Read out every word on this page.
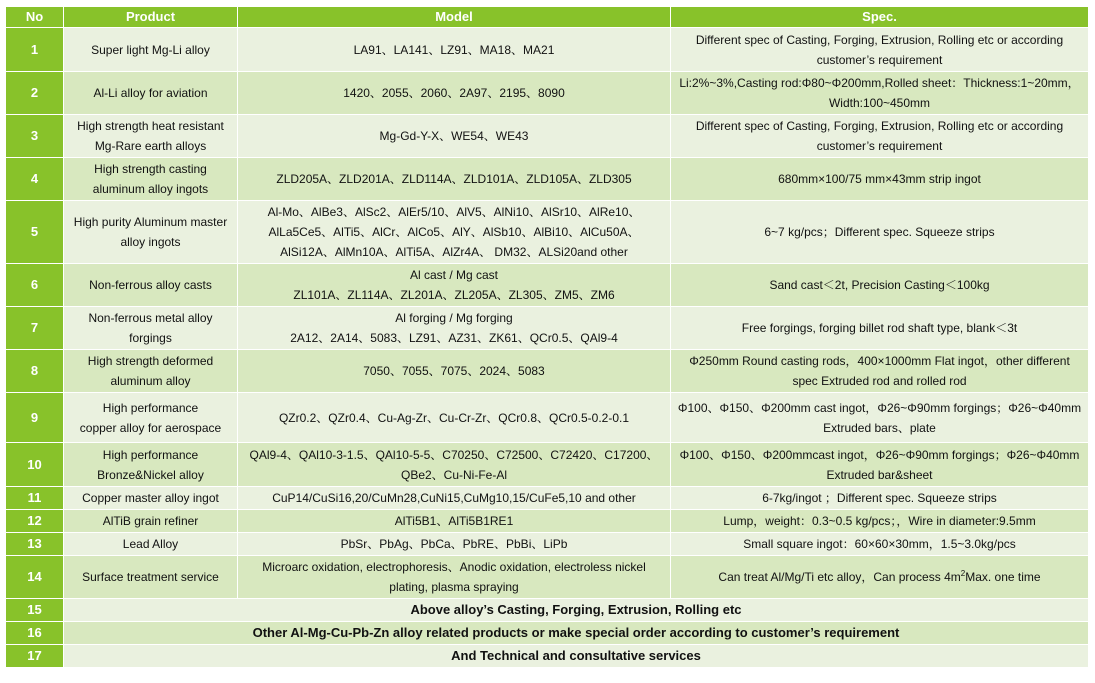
No	Product	Model	Spec.
1	Super light Mg-Li alloy	LA91、LA141、LZ91、MA18、MA21	Different spec of Casting, Forging, Extrusion, Rolling etc or according
customer’s requirement
2	Al-Li alloy for aviation	1420、2055、2060、2A97、2195、8090	Li:2%~3%,Casting rod:Φ80~Φ200mm,Rolled sheet：Thickness:1~20mm，
Width:100~450mm
3	High strength heat resistant
Mg-Rare earth alloys	Mg-Gd-Y-X、WE54、WE43	Different spec of Casting, Forging, Extrusion, Rolling etc or according
customer’s requirement
4	High strength casting
aluminum alloy ingots	ZLD205A、ZLD201A、ZLD114A、ZLD101A、ZLD105A、ZLD305	680mm×100/75 mm×43mm strip ingot
5	High purity Aluminum master
alloy ingots	Al-Mo、AlBe3、AlSc2、AlEr5/10、AlV5、AlNi10、AlSr10、AlRe10、
AlLa5Ce5、AlTi5、AlCr、AlCo5、AlY、AlSb10、AlBi10、AlCu50A、
AlSi12A、AlMn10A、AlTi5A、AlZr4A、 DM32、ALSi20and other	6~7 kg/pcs；Different spec. Squeeze strips
6	Non-ferrous alloy casts	Al cast / Mg cast
ZL101A、ZL114A、ZL201A、ZL205A、ZL305、ZM5、ZM6	Sand cast＜2t, Precision Casting＜100kg
7	Non-ferrous metal alloy
forgings	Al forging / Mg forging
2A12、2A14、5083、LZ91、AZ31、ZK61、QCr0.5、QAl9-4	Free forgings, forging billet rod shaft type, blank＜3t
8	High strength deformed
aluminum alloy	7050、7055、7075、2024、5083	Φ250mm Round casting rods，400×1000mm Flat ingot，other different
spec Extruded rod and rolled rod
9	High performance
copper alloy for aerospace	QZr0.2、QZr0.4、Cu-Ag-Zr、Cu-Cr-Zr、QCr0.8、QCr0.5-0.2-0.1	Φ100、Φ150、Φ200mm cast ingot，Φ26~Φ90mm forgings；Φ26~Φ40mm
Extruded bars、plate
10	High performance
Bronze&Nickel alloy	QAl9-4、QAl10-3-1.5、QAl10-5-5、C70250、C72500、C72420、C17200、
QBe2、Cu-Ni-Fe-Al	Φ100、Φ150、Φ200mmcast ingot，Φ26~Φ90mm forgings；Φ26~Φ40mm
Extruded bar&sheet
11	Copper master alloy ingot	CuP14/CuSi16,20/CuMn28,CuNi15,CuMg10,15/CuFe5,10 and other	6-7kg/ingot ；Different spec. Squeeze strips
12	AlTiB grain refiner	AlTi5B1、AlTi5B1RE1	Lump，weight：0.3~0.5 kg/pcs；，Wire in diameter:9.5mm
13	Lead Alloy	PbSr、PbAg、PbCa、PbRE、PbBi、LiPb	Small square ingot：60×60×30mm，1.5~3.0kg/pcs
14	Surface treatment service	Microarc oxidation, electrophoresis、Anodic oxidation, electroless nickel
plating, plasma spraying	Can treat Al/Mg/Ti etc alloy，Can process $4m^2Max$. one time
15	Above alloy’s Casting, Forging, Extrusion, Rolling etc		
16	Other Al-Mg-Cu-Pb-Zn alloy related products or make special order according to customer’s requirement		
17	And Technical and consultative services		
